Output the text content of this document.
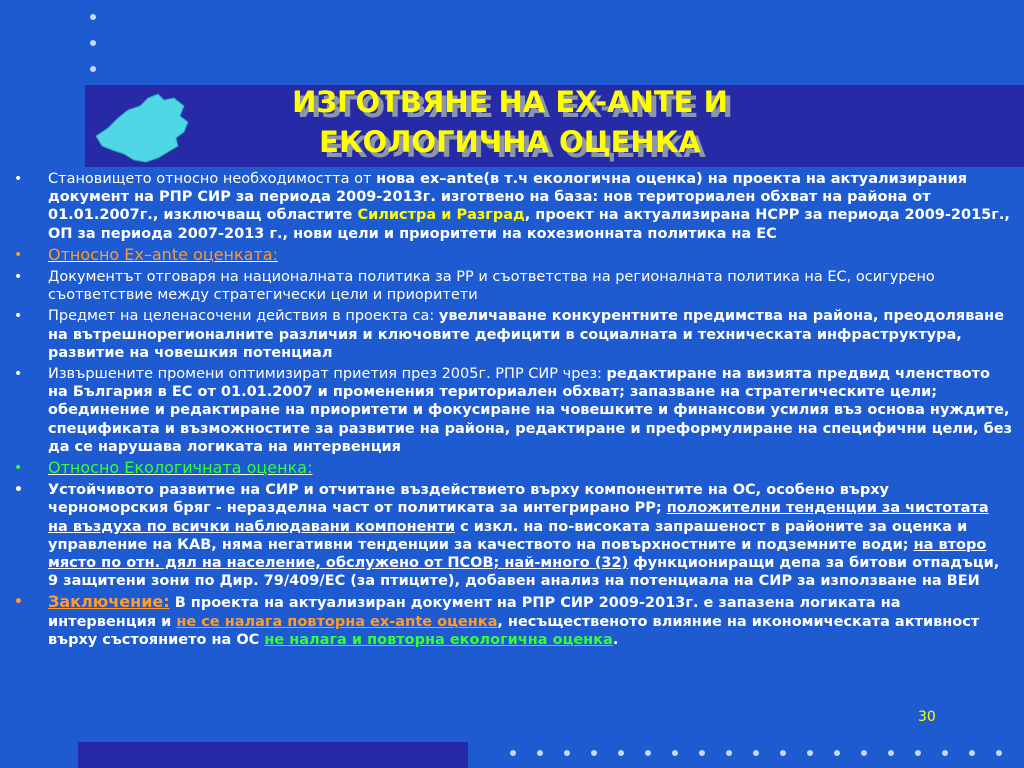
ИЗГОТВЯНЕ НА EX-ANTE И
ЕКОЛОГИЧНА ОЦЕНКА
•	Становището относно необходимостта от нова ex–ante(в т.ч екологична оценка) на проекта на актуализирания документ на РПР СИР за периода 2009-2013г. изготвено на база: нов териториален обхват на района от 01.01.2007г., изключващ областите Силистра и Разград, проект на актуализирана НСРР за периода 2009-2015г., ОП за периода 2007-2013 г., нови цели и приоритети на кохезионната политика на ЕС
•	Относно Ex–ante оценката:
•	Документът отговаря на националната политика за РР и съответства на регионалната политика на ЕС, осигурено съответствие между стратегически цели и приоритети
•	Предмет на целенасочени действия в проекта са: увеличаване конкурентните предимства на района, преодоляване на вътрешнорегионалните различия и ключовите дефицити в социалната и техническата инфраструктура, развитие на човешкия потенциал
•	Извършените промени оптимизират приетия през 2005г. РПР СИР чрез: редактиране на визията предвид членството на България в ЕС от 01.01.2007 и променения териториален обхват; запазване на стратегическите цели; обединение и редактиране на приоритети и фокусиране на човешките и финансови усилия въз основа нуждите, спецификата и възможностите за развитие на района, редактиране и преформулиране на специфични цели, без да се нарушава логиката на интервенция
•	Относно Екологичната оценка:
•	Устойчивото развитие на СИР и отчитане въздействието върху компонентите на ОС, особено върху черноморския бряг - неразделна част от политиката за интегрирано РР; положителни тенденции за чистотата на въздуха по всички наблюдавани компоненти с изкл. на по-високата запрашеност в районите за оценка и управление на КАВ, няма негативни тенденции за качеството на повърхностните и подземните води; на второ място по отн. дял на население, обслужено от ПСОВ; най-много (32) функциониращи депа за битови отпадъци, 9 защитени зони по Дир. 79/409/ЕС (за птиците), добавен анализ на потенциала на СИР за използване на ВЕИ
•	Заключение: В проекта на актуализиран документ на РПР СИР 2009-2013г. е запазена логиката на интервенция и не се налага повторна ex-ante оценка, несъщественото влияние на икономическата активност върху състоянието на ОС не налага и повторна екологична оценка.
30
